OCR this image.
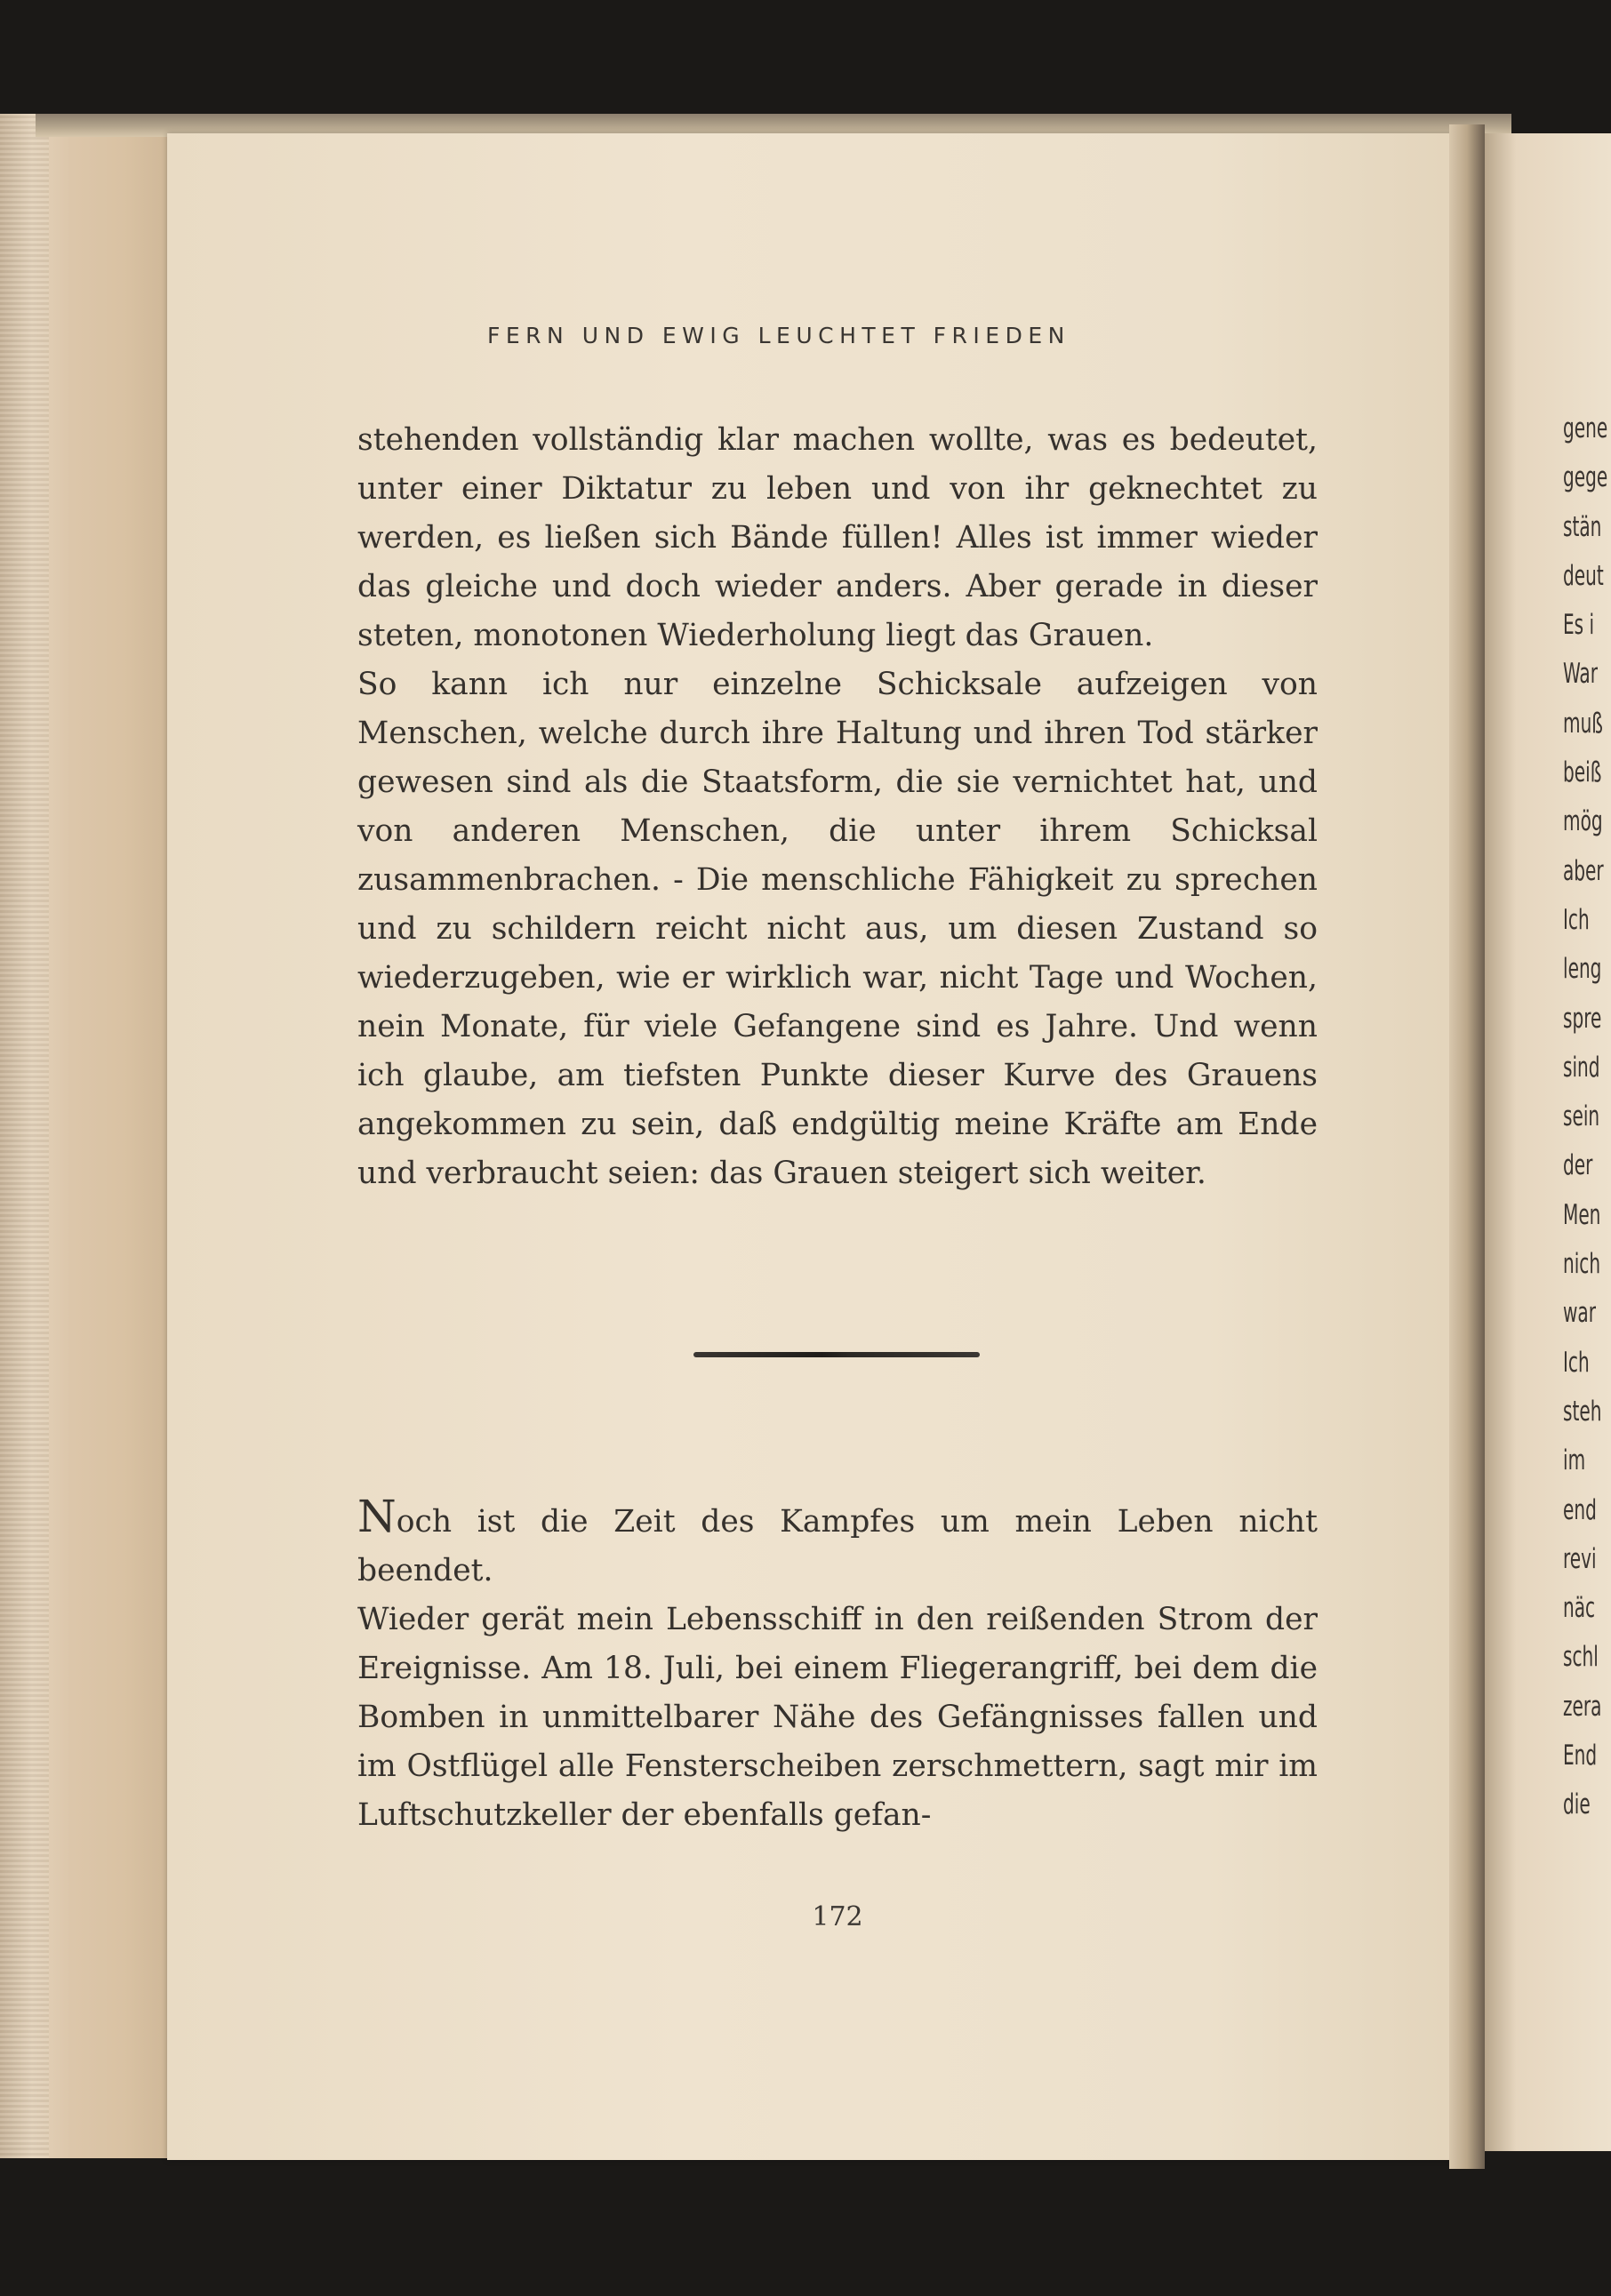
FERN UND EWIG LEUCHTET FRIEDEN

stehenden vollständig klar machen wollte, was es bedeutet, unter einer Diktatur zu leben und von ihr geknechtet zu werden, es ließen sich Bände füllen! Alles ist immer wieder das gleiche und doch wieder anders. Aber gerade in dieser steten, monotonen Wiederholung liegt das Grauen.

So kann ich nur einzelne Schicksale aufzeigen von Menschen, welche durch ihre Haltung und ihren Tod stärker gewesen sind als die Staatsform, die sie vernichtet hat, und von anderen Menschen, die unter ihrem Schicksal zusammenbrachen. - Die menschliche Fähigkeit zu sprechen und zu schildern reicht nicht aus, um diesen Zustand so wiederzugeben, wie er wirklich war, nicht Tage und Wochen, nein Monate, für viele Gefangene sind es Jahre. Und wenn ich glaube, am tiefsten Punkte dieser Kurve des Grauens angekommen zu sein, daß endgültig meine Kräfte am Ende und verbraucht seien: das Grauen steigert sich weiter.

Noch ist die Zeit des Kampfes um mein Leben nicht beendet.

Wieder gerät mein Lebensschiff in den reißenden Strom der Ereignisse. Am 18. Juli, bei einem Fliegerangriff, bei dem die Bomben in unmittelbarer Nähe des Gefängnisses fallen und im Ostflügel alle Fensterscheiben zerschmettern, sagt mir im Luftschutzkeller der ebenfalls gefan-

172
gene
gege
stän
deut
Es i
War
muß
beiß
mög
aber
Ich
leng
spre
sind
sein
der
Men
nich
war
Ich
steh
im
end
revi
näc
schl
zera
End
die
